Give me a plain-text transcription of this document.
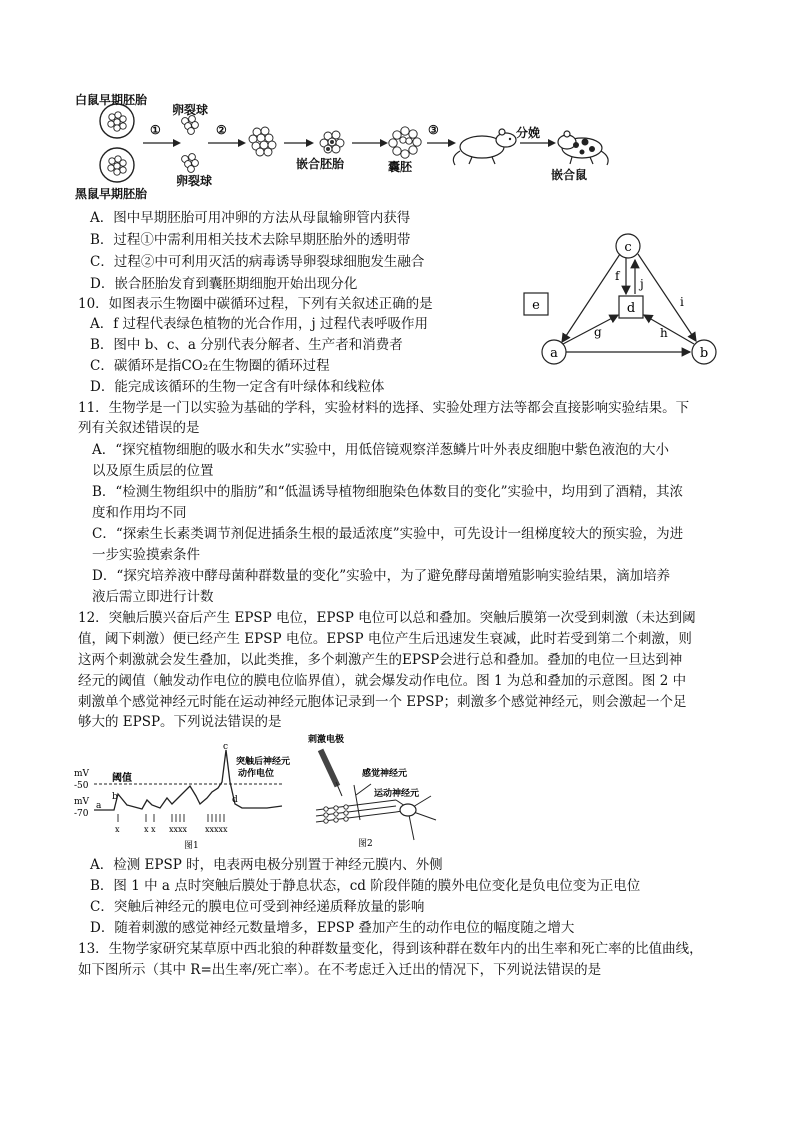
白鼠早期胚胎
黑鼠早期胚胎
卵裂球
卵裂球
①	②	③
嵌合胚胎	囊胚
分娩
嵌合鼠
A．图中早期胚胎可用冲卵的方法从母鼠输卵管内获得
B．过程①中需利用相关技术去除早期胚胎外的透明带
C．过程②中可利用灭活的病毒诱导卵裂球细胞发生融合
D．嵌合胚胎发育到囊胚期细胞开始出现分化
10．如图表示生物圈中碳循环过程，下列有关叙述正确的是
A．f 过程代表绿色植物的光合作用，j 过程代表呼吸作用
B．图中 b、c、a 分别代表分解者、生产者和消费者
C．碳循环是指CO₂在生物圈的循环过程
D．能完成该循环的生物一定含有叶绿体和线粒体
c
e	d
a	b
f
j
i
g	h
11．生物学是一门以实验为基础的学科，实验材料的选择、实验处理方法等都会直接影响实验结果。下
列有关叙述错误的是
A．“探究植物细胞的吸水和失水”实验中，用低倍镜观察洋葱鳞片叶外表皮细胞中紫色液泡的大小
以及原生质层的位置
B．“检测生物组织中的脂肪”和“低温诱导植物细胞染色体数目的变化”实验中，均用到了酒精，其浓
度和作用均不同
C．“探索生长素类调节剂促进插条生根的最适浓度”实验中，可先设计一组梯度较大的预实验，为进
一步实验摸索条件
D．“探究培养液中酵母菌种群数量的变化”实验中，为了避免酵母菌增殖影响实验结果，滴加培养
液后需立即进行计数
12．突触后膜兴奋后产生 EPSP 电位，EPSP 电位可以总和叠加。突触后膜第一次受到刺激（未达到阈
值，阈下刺激）便已经产生 EPSP 电位。EPSP 电位产生后迅速发生衰减，此时若受到第二个刺激，则
这两个刺激就会发生叠加，以此类推，多个刺激产生的EPSP会进行总和叠加。叠加的电位一旦达到神
经元的阈值（触发动作电位的膜电位临界值），就会爆发动作电位。图 1 为总和叠加的示意图。图 2 中
刺激单个感觉神经元时能在运动神经元胞体记录到一个 EPSP；刺激多个感觉神经元，则会激起一个足
够大的 EPSP。下列说法错误的是
mV
-50
mV
-70
阈值
a
b
c
d
突触后神经元
动作电位
x	x x xxxx xxxxx
图1
刺激电极
感觉神经元
运动神经元
图2
A．检测 EPSP 时，电表两电极分别置于神经元膜内、外侧
B．图 1 中 a 点时突触后膜处于静息状态，cd 阶段伴随的膜外电位变化是负电位变为正电位
C．突触后神经元的膜电位可受到神经递质释放量的影响
D．随着刺激的感觉神经元数量增多，EPSP 叠加产生的动作电位的幅度随之增大
13．生物学家研究某草原中西北狼的种群数量变化，得到该种群在数年内的出生率和死亡率的比值曲线，
如下图所示（其中 R=出生率/死亡率）。在不考虑迁入迁出的情况下，下列说法错误的是
